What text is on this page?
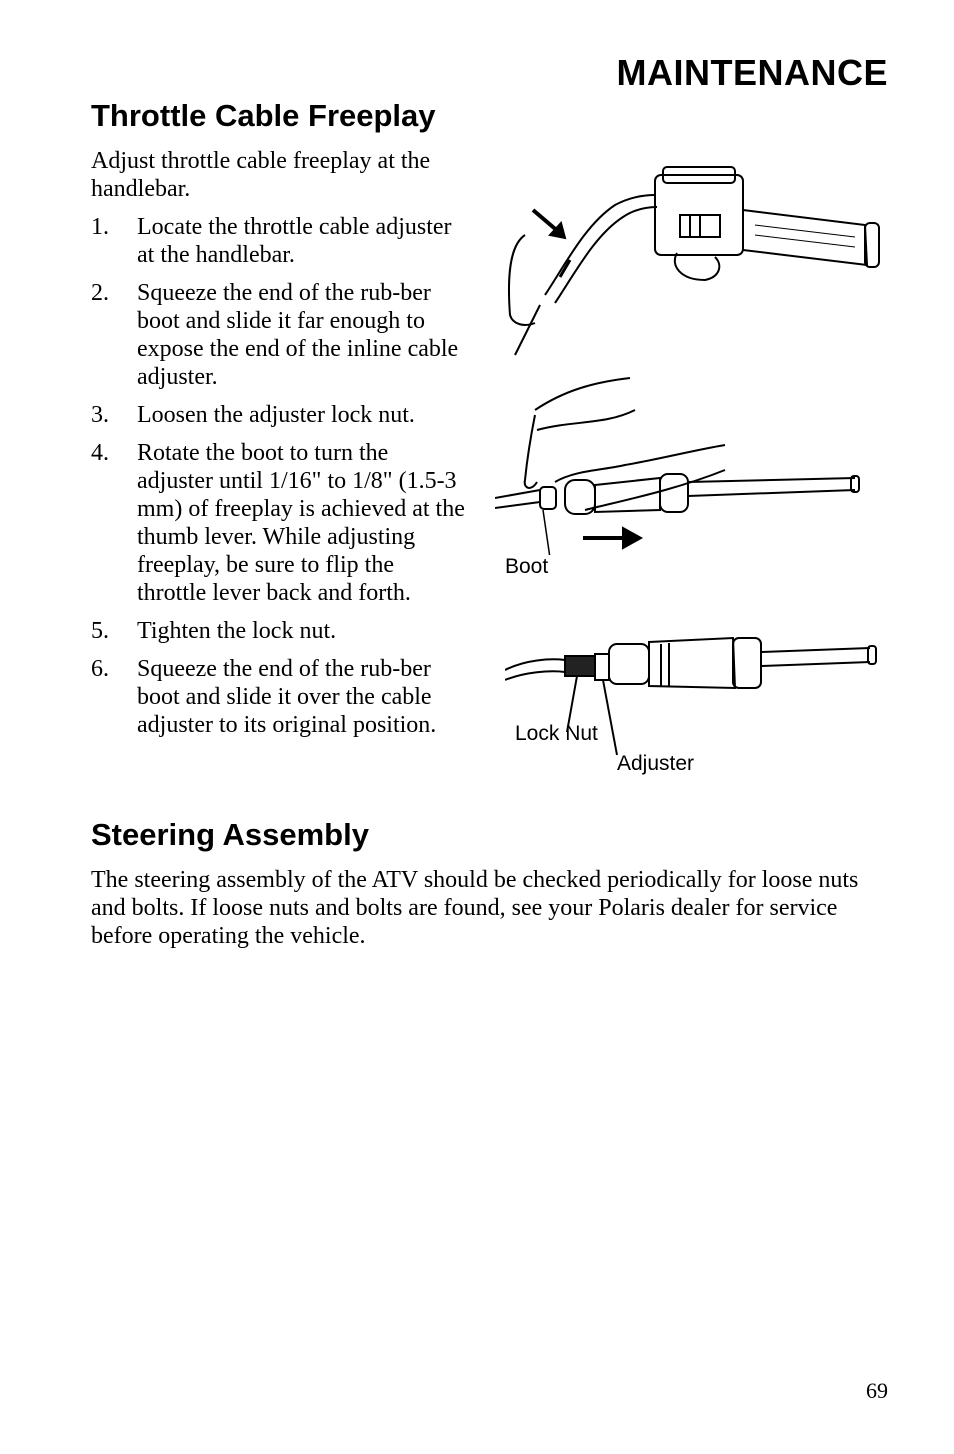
MAINTENANCE
Throttle Cable Freeplay
Adjust throttle cable freeplay at the handlebar.
1.	Locate the throttle cable adjuster at the handlebar.
2.	Squeeze the end of the rub-ber boot and slide it far enough to expose the end of the inline cable adjuster.
3.	Loosen the adjuster lock nut.
4.	Rotate the boot to turn the adjuster until 1/16" to 1/8" (1.5-3 mm) of freeplay is achieved at the thumb lever. While adjusting freeplay, be sure to flip the throttle lever back and forth.
5.	Tighten the lock nut.
6.	Squeeze the end of the rub-ber boot and slide it over the cable adjuster to its original position.
Boot
Lock Nut
Adjuster
Steering Assembly
The steering assembly of the ATV should be checked periodically for loose nuts and bolts. If loose nuts and bolts are found, see your Polaris dealer for service before operating the vehicle.
69
